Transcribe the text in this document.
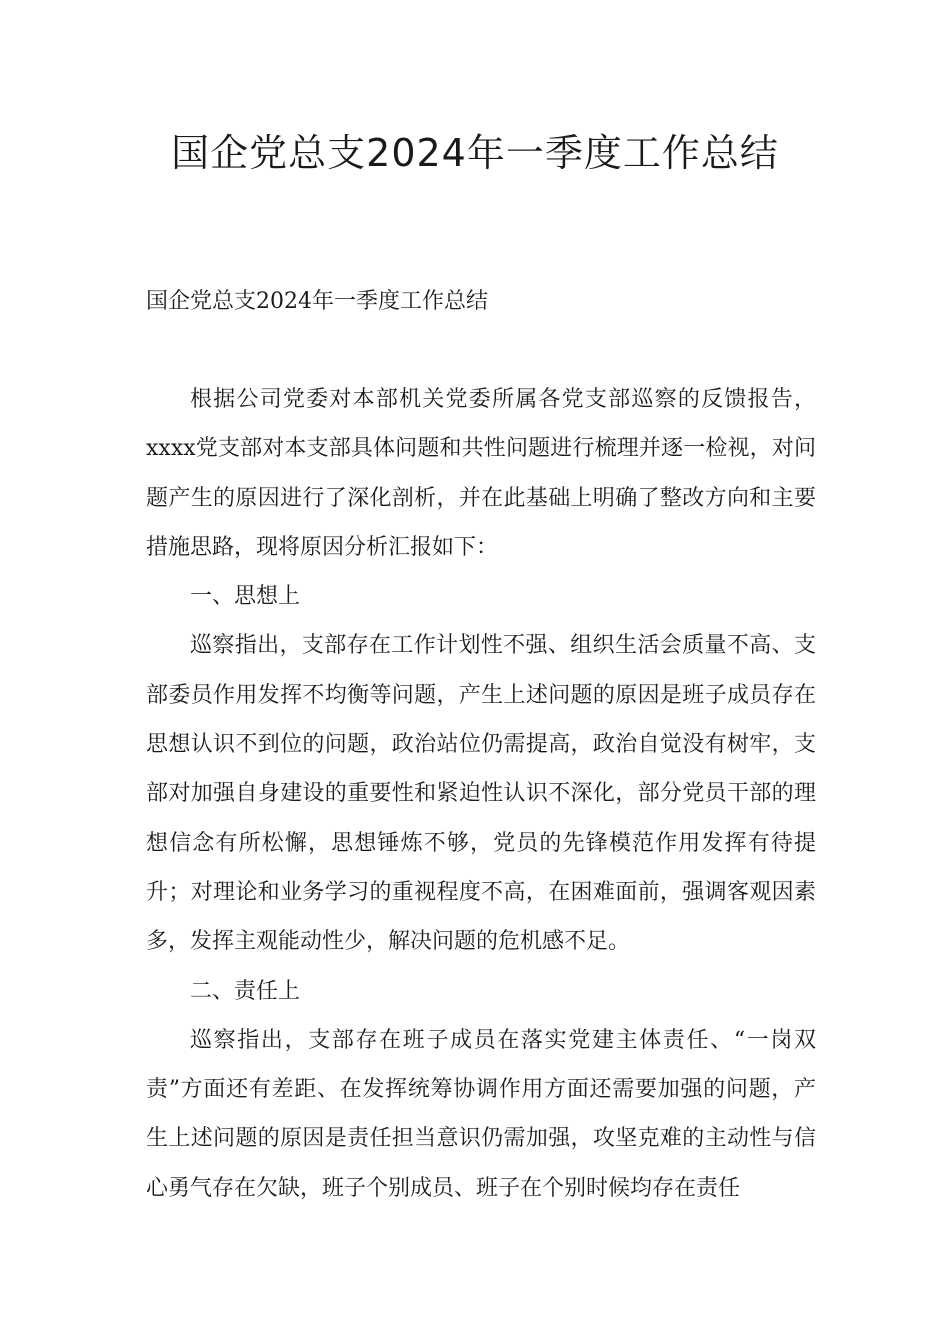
国企党总支2024年一季度工作总结
国企党总支2024年一季度工作总结

根据公司党委对本部机关党委所属各党支部巡察的反馈报告，xxxx党支部对本支部具体问题和共性问题进行梳理并逐一检视，对问题产生的原因进行了深化剖析，并在此基础上明确了整改方向和主要措施思路，现将原因分析汇报如下：

一、思想上

巡察指出，支部存在工作计划性不强、组织生活会质量不高、支部委员作用发挥不均衡等问题，产生上述问题的原因是班子成员存在思想认识不到位的问题，政治站位仍需提高，政治自觉没有树牢，支部对加强自身建设的重要性和紧迫性认识不深化，部分党员干部的理想信念有所松懈，思想锤炼不够，党员的先锋模范作用发挥有待提升；对理论和业务学习的重视程度不高，在困难面前，强调客观因素多，发挥主观能动性少，解决问题的危机感不足。

二、责任上

巡察指出，支部存在班子成员在落实党建主体责任、“一岗双责”方面还有差距、在发挥统筹协调作用方面还需要加强的问题，产生上述问题的原因是责任担当意识仍需加强，攻坚克难的主动性与信心勇气存在欠缺，班子个别成员、班子在个别时候均存在责任
